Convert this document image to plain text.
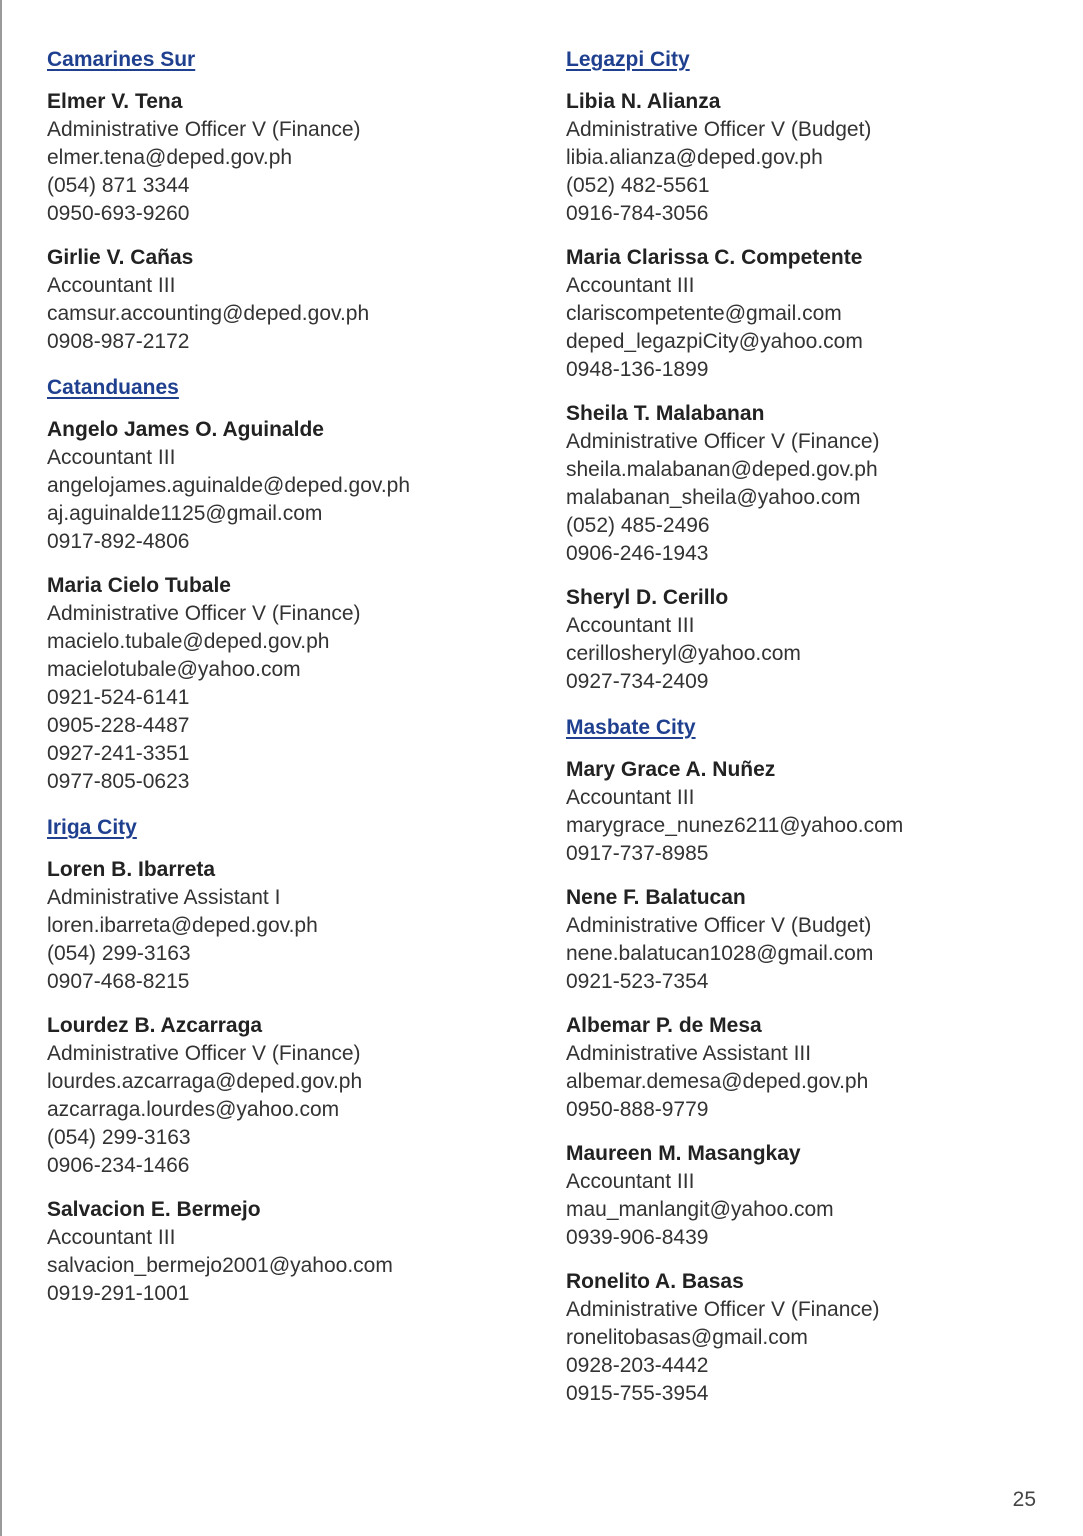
Camarines Sur
Elmer V. Tena
Administrative Officer V (Finance)
elmer.tena@deped.gov.ph
(054) 871 3344
0950-693-9260
Girlie V. Cañas
Accountant III
camsur.accounting@deped.gov.ph
0908-987-2172
Catanduanes
Angelo James O. Aguinalde
Accountant III
angelojames.aguinalde@deped.gov.ph
aj.aguinalde1125@gmail.com
0917-892-4806
Maria Cielo Tubale
Administrative Officer V (Finance)
macielo.tubale@deped.gov.ph
macielotubale@yahoo.com
0921-524-6141
0905-228-4487
0927-241-3351
0977-805-0623
Iriga City
Loren B. Ibarreta
Administrative Assistant I
loren.ibarreta@deped.gov.ph
(054) 299-3163
0907-468-8215
Lourdez B. Azcarraga
Administrative Officer V (Finance)
lourdes.azcarraga@deped.gov.ph
azcarraga.lourdes@yahoo.com
(054) 299-3163
0906-234-1466
Salvacion E. Bermejo
Accountant III
salvacion_bermejo2001@yahoo.com
0919-291-1001
Legazpi City
Libia N. Alianza
Administrative Officer V (Budget)
libia.alianza@deped.gov.ph
(052) 482-5561
0916-784-3056
Maria Clarissa C. Competente
Accountant III
clariscompetente@gmail.com
deped_legazpiCity@yahoo.com
0948-136-1899
Sheila T. Malabanan
Administrative Officer V (Finance)
sheila.malabanan@deped.gov.ph
malabanan_sheila@yahoo.com
(052) 485-2496
0906-246-1943
Sheryl D. Cerillo
Accountant III
cerillosheryl@yahoo.com
0927-734-2409
Masbate City
Mary Grace A. Nuñez
Accountant III
marygrace_nunez6211@yahoo.com
0917-737-8985
Nene F. Balatucan
Administrative Officer V (Budget)
nene.balatucan1028@gmail.com
0921-523-7354
Albemar P. de Mesa
Administrative Assistant III
albemar.demesa@deped.gov.ph
0950-888-9779
Maureen M. Masangkay
Accountant III
mau_manlangit@yahoo.com
0939-906-8439
Ronelito A. Basas
Administrative Officer V (Finance)
ronelitobasas@gmail.com
0928-203-4442
0915-755-3954
25
